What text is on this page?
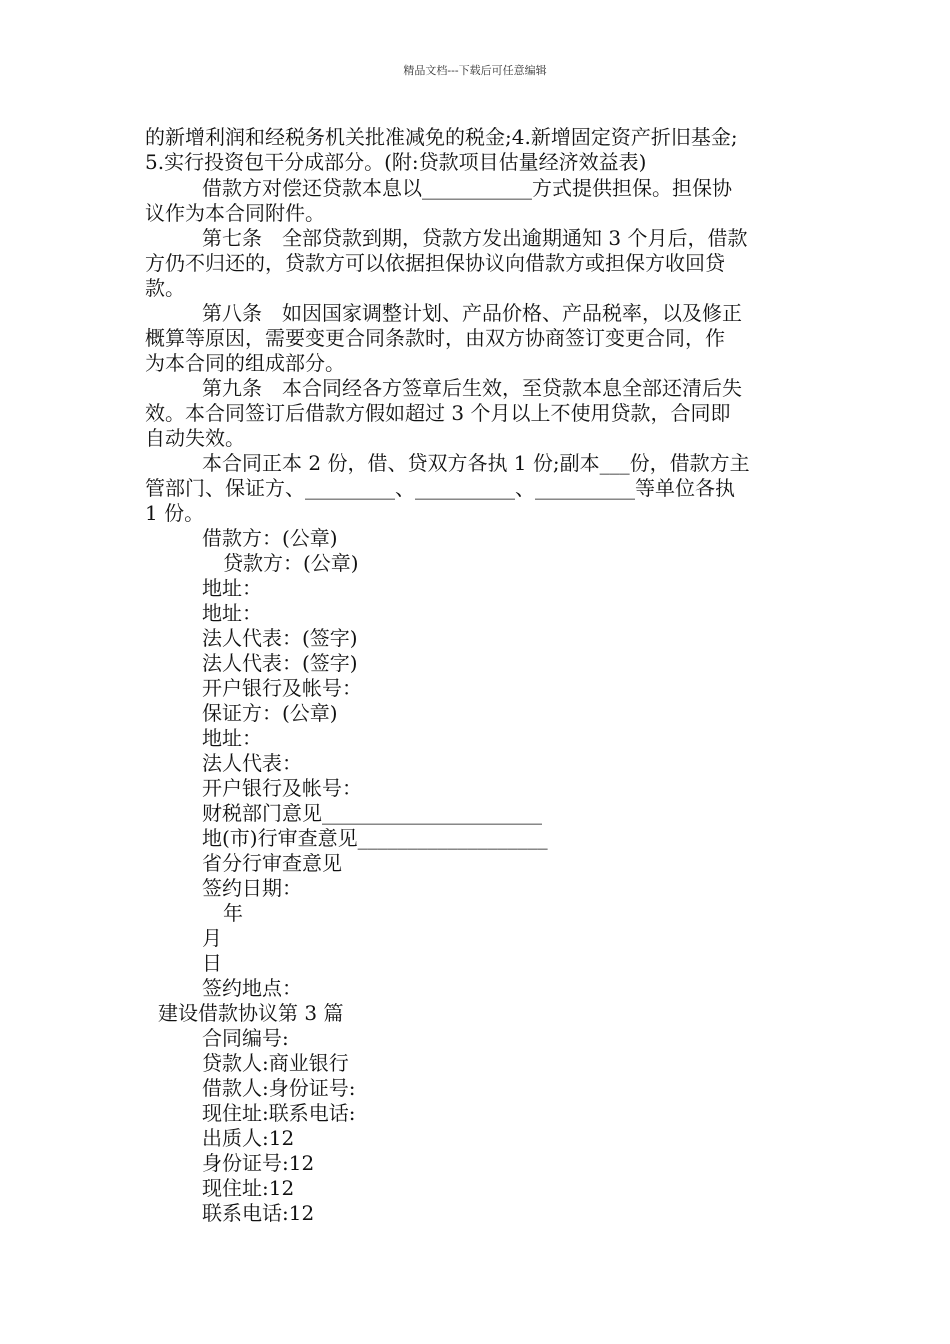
精品文档---下载后可任意编辑
的新增利润和经税务机关批准减免的税金;4.新增固定资产折旧基金;
5.实行投资包干分成部分。(附:贷款项目估量经济效益表)
借款方对偿还贷款本息以___________方式提供担保。担保协
议作为本合同附件。
第七条　全部贷款到期，贷款方发出逾期通知 3 个月后，借款
方仍不归还的，贷款方可以依据担保协议向借款方或担保方收回贷
款。
第八条　如因国家调整计划、产品价格、产品税率，以及修正
概算等原因，需要变更合同条款时，由双方协商签订变更合同，作
为本合同的组成部分。
第九条　本合同经各方签章后生效，至贷款本息全部还清后失
效。本合同签订后借款方假如超过 3 个月以上不使用贷款，合同即
自动失效。
本合同正本 2 份，借、贷双方各执 1 份;副本___份，借款方主
管部门、保证方、_________、__________、__________等单位各执
1 份。
借款方：(公章)
贷款方：(公章)
地址：
地址：
法人代表：(签字)
法人代表：(签字)
开户银行及帐号：
保证方：(公章)
地址：
法人代表：
开户银行及帐号：
财税部门意见______________________
地(市)行审查意见___________________
省分行审查意见
签约日期：
年
月
日
签约地点：
建设借款协议第 3 篇
合同编号:
贷款人:商业银行
借款人:身份证号:
现住址:联系电话:
出质人:12
身份证号:12
现住址:12
联系电话:12
